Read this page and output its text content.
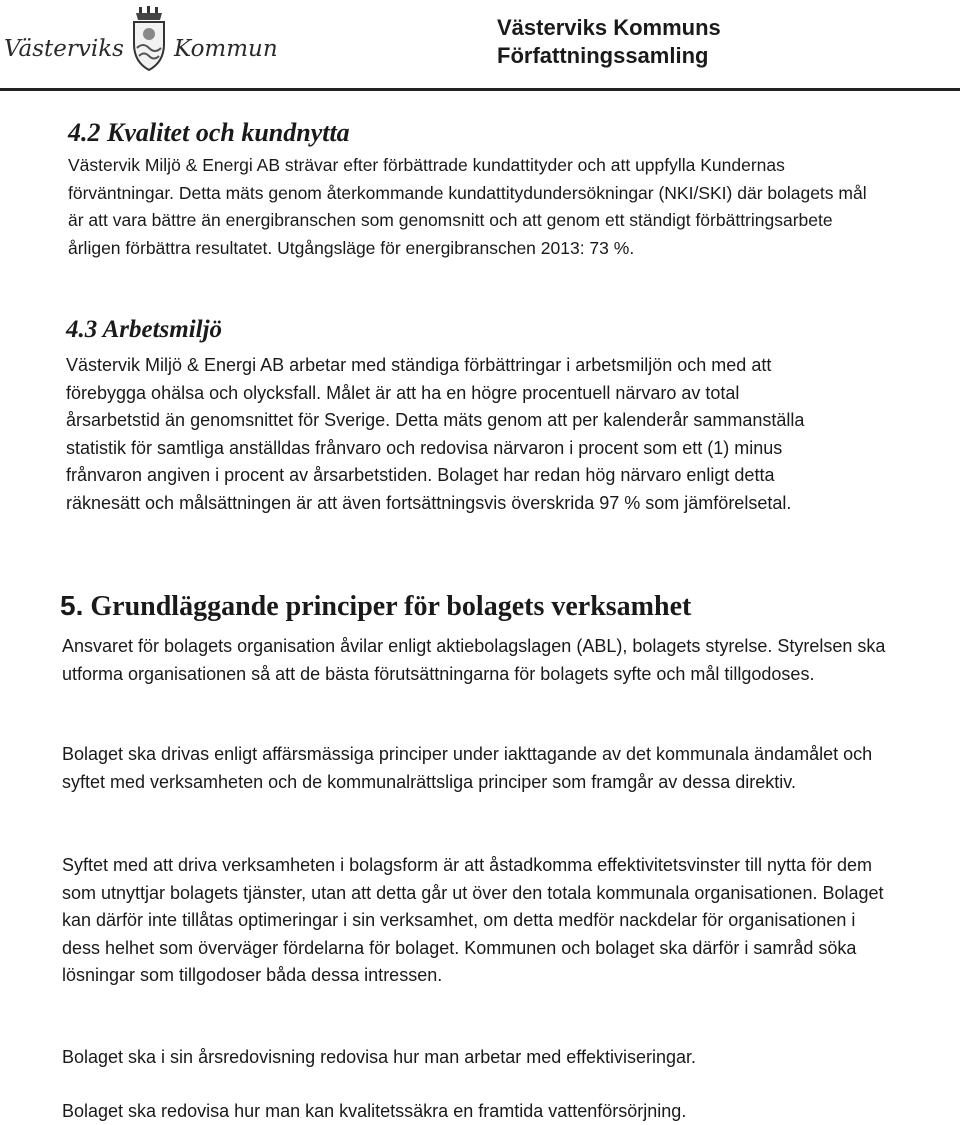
Västerviks Kommun
Västerviks Kommuns
Författningssamling
4.2 Kvalitet och kundnytta

Västervik Miljö & Energi AB strävar efter förbättrade kundattityder och att uppfylla Kundernas förväntningar. Detta mäts genom återkommande kundattitydundersökningar (NKI/SKI) där bolagets mål är att vara bättre än energibranschen som genomsnitt och att genom ett ständigt förbättringsarbete årligen förbättra resultatet. Utgångsläge för energibranschen 2013: 73 %.

4.3 Arbetsmiljö

Västervik Miljö & Energi AB arbetar med ständiga förbättringar i arbetsmiljön och med att förebygga ohälsa och olycksfall. Målet är att ha en högre procentuell närvaro av total årsarbetstid än genomsnittet för Sverige. Detta mäts genom att per kalenderår sammanställa statistik för samtliga anställdas frånvaro och redovisa närvaron i procent som ett (1) minus frånvaron angiven i procent av årsarbetstiden. Bolaget har redan hög närvaro enligt detta räknesätt och målsättningen är att även fortsättningsvis överskrida 97 % som jämförelsetal.

5. Grundläggande principer för bolagets verksamhet

Ansvaret för bolagets organisation åvilar enligt aktiebolagslagen (ABL), bolagets styrelse. Styrelsen ska utforma organisationen så att de bästa förutsättningarna för bolagets syfte och mål tillgodoses.

Bolaget ska drivas enligt affärsmässiga principer under iakttagande av det kommunala ändamålet och syftet med verksamheten och de kommunalrättsliga principer som framgår av dessa direktiv.

Syftet med att driva verksamheten i bolagsform är att åstadkomma effektivitetsvinster till nytta för dem som utnyttjar bolagets tjänster, utan att detta går ut över den totala kommunala organisationen. Bolaget kan därför inte tillåtas optimeringar i sin verksamhet, om detta medför nackdelar för organisationen i dess helhet som överväger fördelarna för bolaget. Kommunen och bolaget ska därför i samråd söka lösningar som tillgodoser båda dessa intressen.

Bolaget ska i sin årsredovisning redovisa hur man arbetar med effektiviseringar.

Bolaget ska redovisa hur man kan kvalitetssäkra en framtida vattenförsörjning.
